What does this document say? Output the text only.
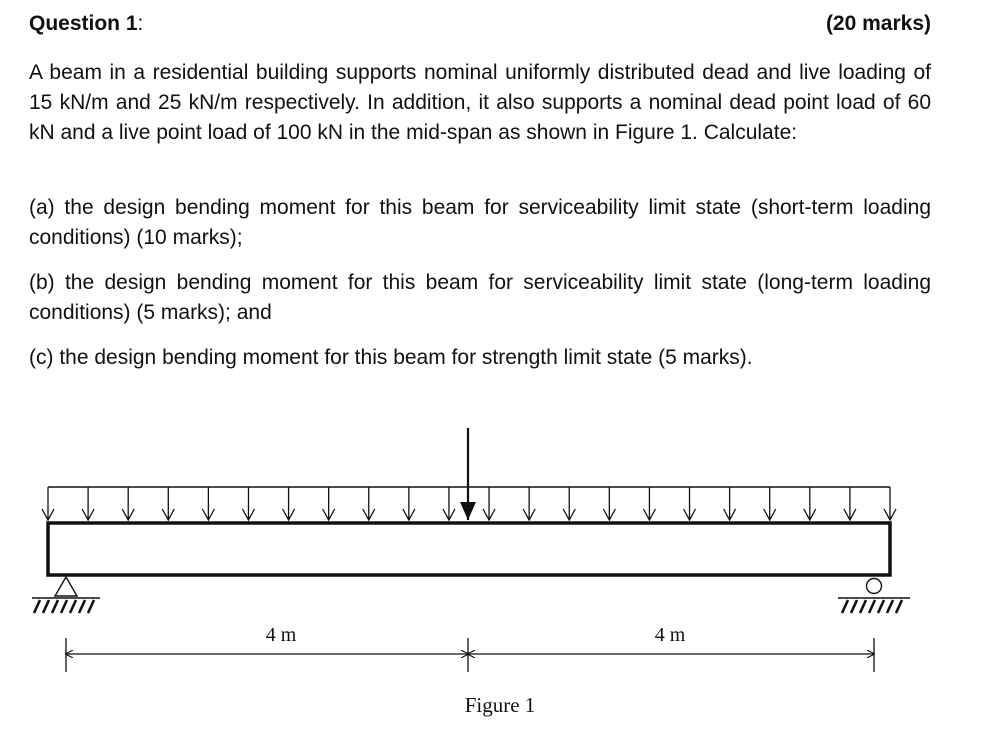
Question 1:	(20 marks)
A beam in a residential building supports nominal uniformly distributed dead and live loading of 15 kN/m and 25 kN/m respectively. In addition, it also supports a nominal dead point load of 60 kN and a live point load of 100 kN in the mid-span as shown in Figure 1. Calculate:
(a) the design bending moment for this beam for serviceability limit state (short-term loading conditions) (10 marks);
(b) the design bending moment for this beam for serviceability limit state (long-term loading conditions) (5 marks); and
(c) the design bending moment for this beam for strength limit state (5 marks).
4 m	4 m
Figure 1
